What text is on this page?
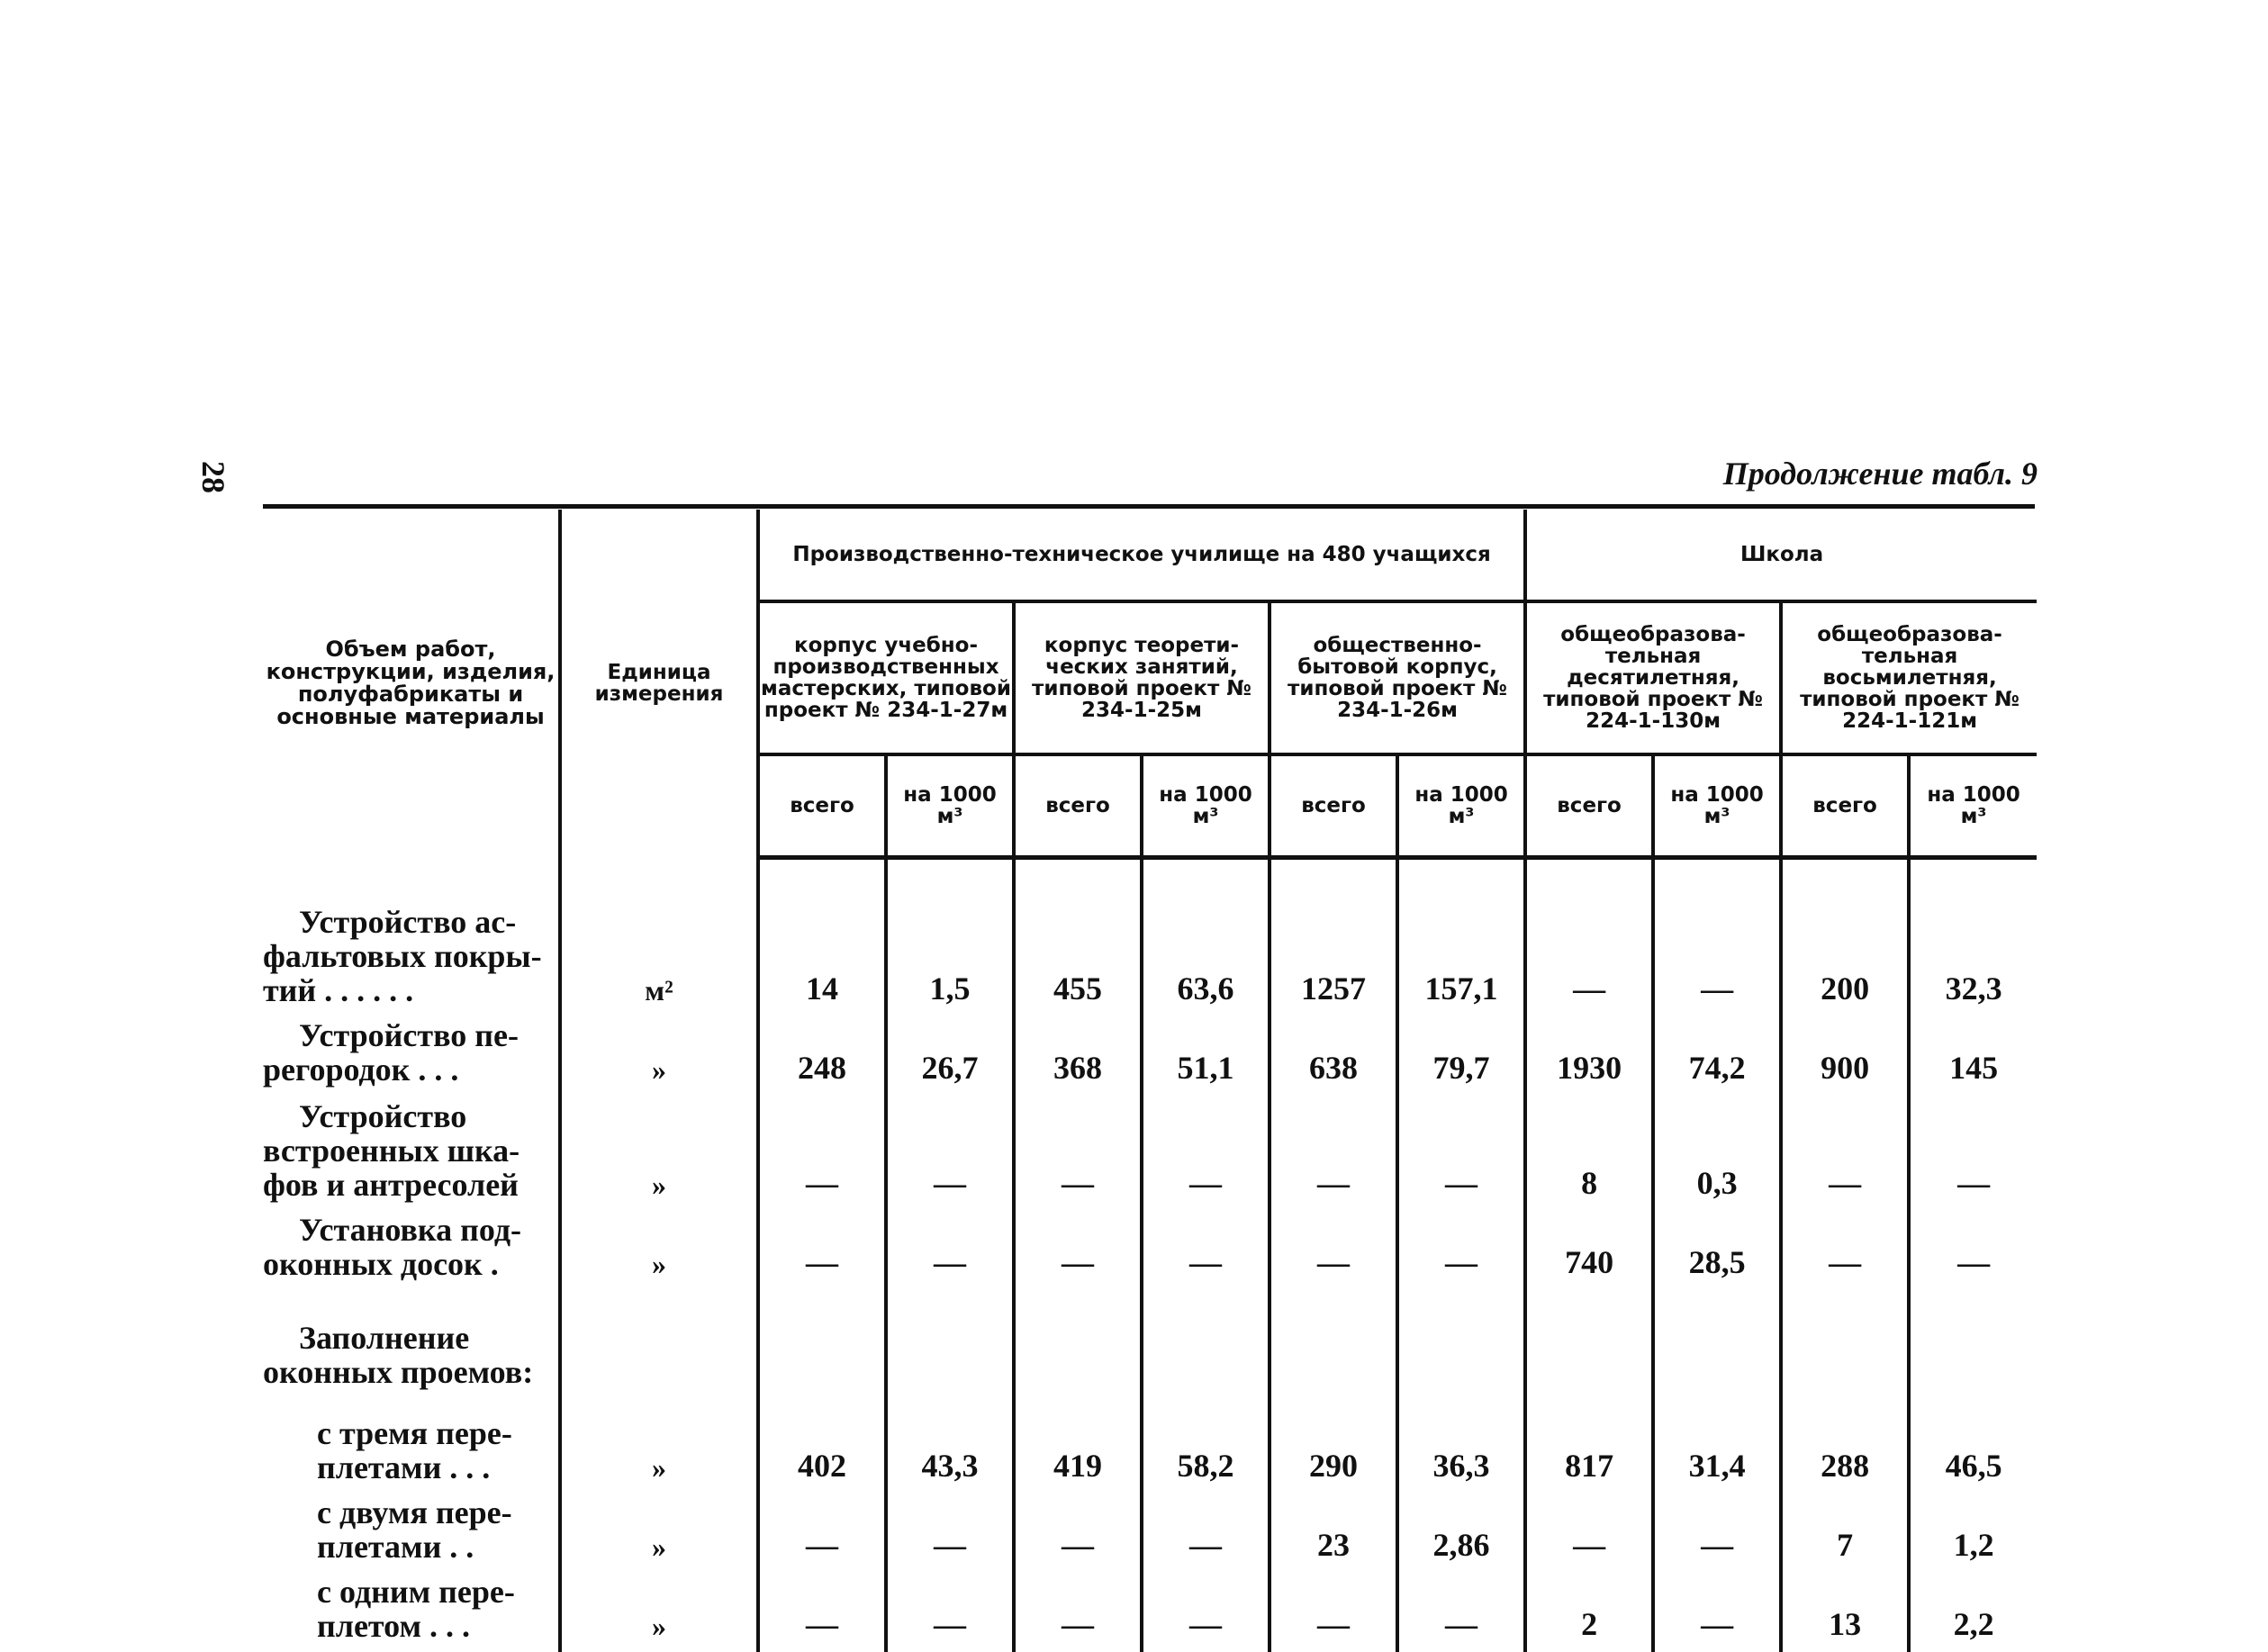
28	Продолжение табл. 9
Объем работ, конструкции, изделия, полуфабрикаты и основные материалы	Единица измерения	Производственно-техническое училище на 480 учащихся						Школа			
		корпус учебно-производственных мастерских, типовой проект № 234-1-27м		корпус теоретических занятий, типовой проект № 234-1-25м		общественно-бытовой корпус, типовой проект № 234-1-26м		общеобразовательная десятилетняя, типовой проект № 224-1-130м		общеобразовательная восьмилетняя, типовой проект № 224-1-121м	
		всего	на 1000 м³	всего	на 1000 м³	всего	на 1000 м³	всего	на 1000 м³	всего	на 1000 м³

Устройство асфальтовых покрытий . . . . . .	м²	14	1,5	455	63,6	1257	157,1	—	—	200	32,3
Устройство перегородок . . .	»	248	26,7	368	51,1	638	79,7	1930	74,2	900	145
Устройство встроенных шкафов и антресолей	»	—	—	—	—	—	—	8	0,3	—	—
Установка подоконных досок .	»	—	—	—	—	—	—	740	28,5	—	—
Заполнение оконных проемов:											
с тремя переплетами . . .	»	402	43,3	419	58,2	290	36,3	817	31,4	288	46,5
с двумя переплетами . .	»	—	—	—	—	23	2,86	—	—	7	1,2
с одним переплетом . . .	»	—	—	—	—	—	—	2	—	13	2,2
